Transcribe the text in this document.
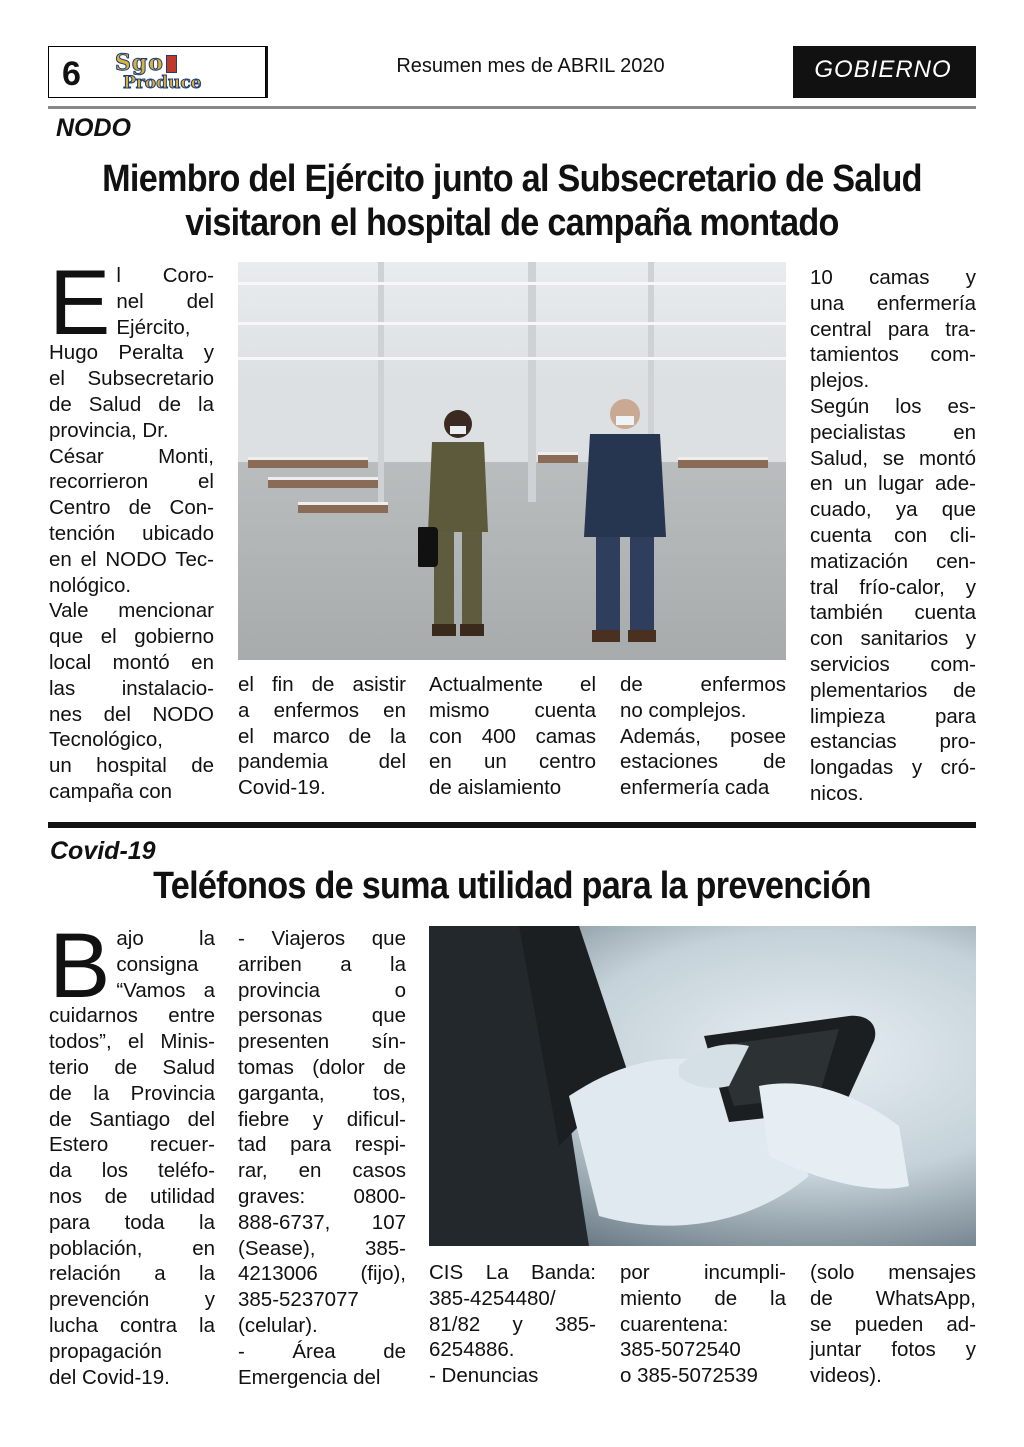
6 Sgo
Produce
Resumen mes de ABRIL 2020	GOBIERNO
NODO
Miembro del Ejército junto al Subsecretario de Salud
visitaron el hospital de campaña montado
E l Coro-
nel del
Ejército,
Hugo Peralta y
el Subsecretario
de Salud de la
provincia, Dr.
César Monti,
recorrieron el
Centro de Con-
tención ubicado
en el NODO Tec-
nológico.
Vale mencionar
que el gobierno
local montó en
las instalacio-
nes del NODO
Tecnológico,
un hospital de
campaña con
el fin de asistir
a enfermos en
el marco de la
pandemia del
Covid-19.
Actualmente el
mismo cuenta
con 400 camas
en un centro
de aislamiento
de enfermos
no complejos.
Además, posee
estaciones de
enfermería cada
10 camas y
una enfermería
central para tra-
tamientos com-
plejos.
Según los es-
pecialistas en
Salud, se montó
en un lugar ade-
cuado, ya que
cuenta con cli-
matización cen-
tral frío-calor, y
también cuenta
con sanitarios y
servicios com-
plementarios de
limpieza para
estancias pro-
longadas y cró-
nicos.
Covid-19
Teléfonos de suma utilidad para la prevención
B ajo la
consigna
“Vamos a
cuidarnos entre
todos”, el Minis-
terio de Salud
de la Provincia
de Santiago del
Estero recuer-
da los teléfo-
nos de utilidad
para toda la
población, en
relación a la
prevención y
lucha contra la
propagación
del Covid-19.
- Viajeros que
arriben a la
provincia o
personas que
presenten sín-
tomas (dolor de
garganta, tos,
fiebre y dificul-
tad para respi-
rar, en casos
graves: 0800-
888-6737, 107
(Sease), 385-
4213006 (fijo),
385-5237077
(celular).
- Área de
Emergencia del
CIS La Banda:
385-4254480/
81/82 y 385-
6254886.
- Denuncias
por incumpli-
miento de la
cuarentena:
385-5072540
o 385-5072539
(solo mensajes
de WhatsApp,
se pueden ad-
juntar fotos y
videos).
